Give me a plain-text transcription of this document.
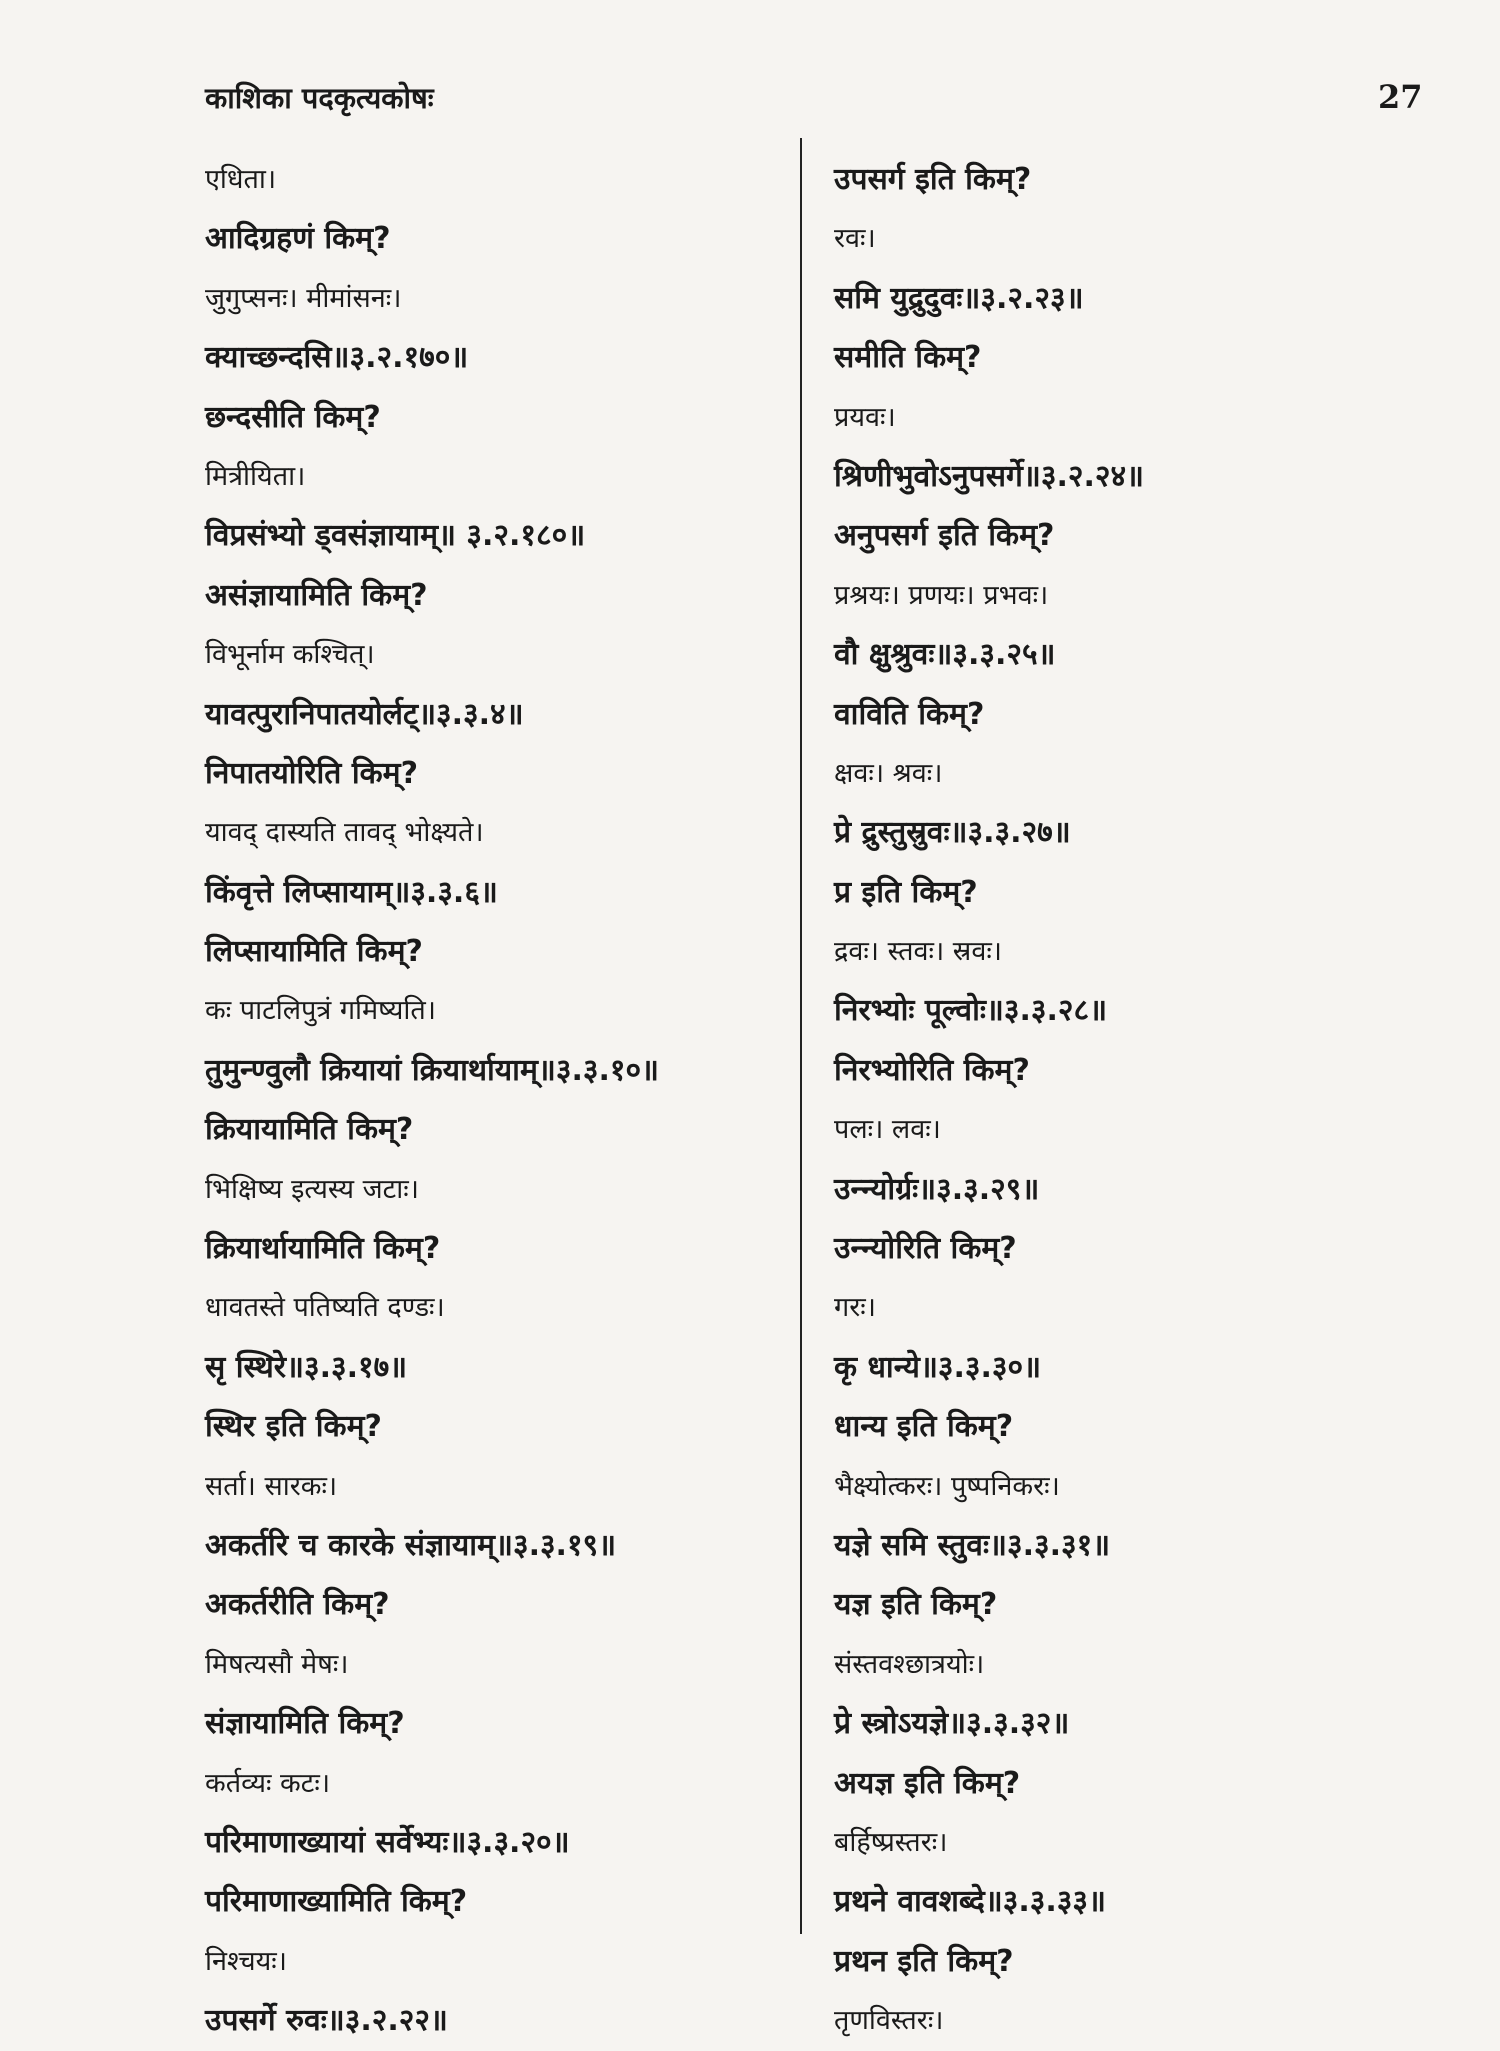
काशिका पदकृत्यकोषः	27
एधिता।
आदिग्रहणं किम्?
जुगुप्सनः। मीमांसनः।
क्याच्छन्दसि॥३.२.१७०॥
छन्दसीति किम्?
मित्रीयिता।
विप्रसंभ्यो ड्वसंज्ञायाम्॥ ३.२.१८०॥
असंज्ञायामिति किम्?
विभूर्नाम कश्चित्।
यावत्पुरानिपातयोर्लट्॥३.३.४॥
निपातयोरिति किम्?
यावद् दास्यति तावद् भोक्ष्यते।
किंवृत्ते लिप्सायाम्॥३.३.६॥
लिप्सायामिति किम्?
कः पाटलिपुत्रं गमिष्यति।
तुमुन्ण्वुलौ क्रियायां क्रियार्थायाम्॥३.३.१०॥
क्रियायामिति किम्?
भिक्षिष्य इत्यस्य जटाः।
क्रियार्थायामिति किम्?
धावतस्ते पतिष्यति दण्डः।
सृ स्थिरे॥३.३.१७॥
स्थिर इति किम्?
सर्ता। सारकः।
अकर्तरि च कारके संज्ञायाम्॥३.३.१९॥
अकर्तरीति किम्?
मिषत्यसौ मेषः।
संज्ञायामिति किम्?
कर्तव्यः कटः।
परिमाणाख्यायां सर्वेभ्यः॥३.३.२०॥
परिमाणाख्यामिति किम्?
निश्चयः।
उपसर्गे रुवः॥३.२.२२॥
उपसर्ग इति किम्?
रवः।
समि युद्रुदुवः॥३.२.२३॥
समीति किम्?
प्रयवः।
श्रिणीभुवोऽनुपसर्गे॥३.२.२४॥
अनुपसर्ग इति किम्?
प्रश्रयः। प्रणयः। प्रभवः।
वौ क्षुश्रुवः॥३.३.२५॥
वाविति किम्?
क्षवः। श्रवः।
प्रे द्रुस्तुस्रुवः॥३.३.२७॥
प्र इति किम्?
द्रवः। स्तवः। स्रवः।
निरभ्योः पूल्वोः॥३.३.२८॥
निरभ्योरिति किम्?
पलः। लवः।
उन्न्योर्ग्रः॥३.३.२९॥
उन्न्योरिति किम्?
गरः।
कृ धान्ये॥३.३.३०॥
धान्य इति किम्?
भैक्ष्योत्करः। पुष्पनिकरः।
यज्ञे समि स्तुवः॥३.३.३१॥
यज्ञ इति किम्?
संस्तवश्छात्रयोः।
प्रे स्त्रोऽयज्ञे॥३.३.३२॥
अयज्ञ इति किम्?
बर्हिष्प्रस्तरः।
प्रथने वावशब्दे॥३.३.३३॥
प्रथन इति किम्?
तृणविस्तरः।
